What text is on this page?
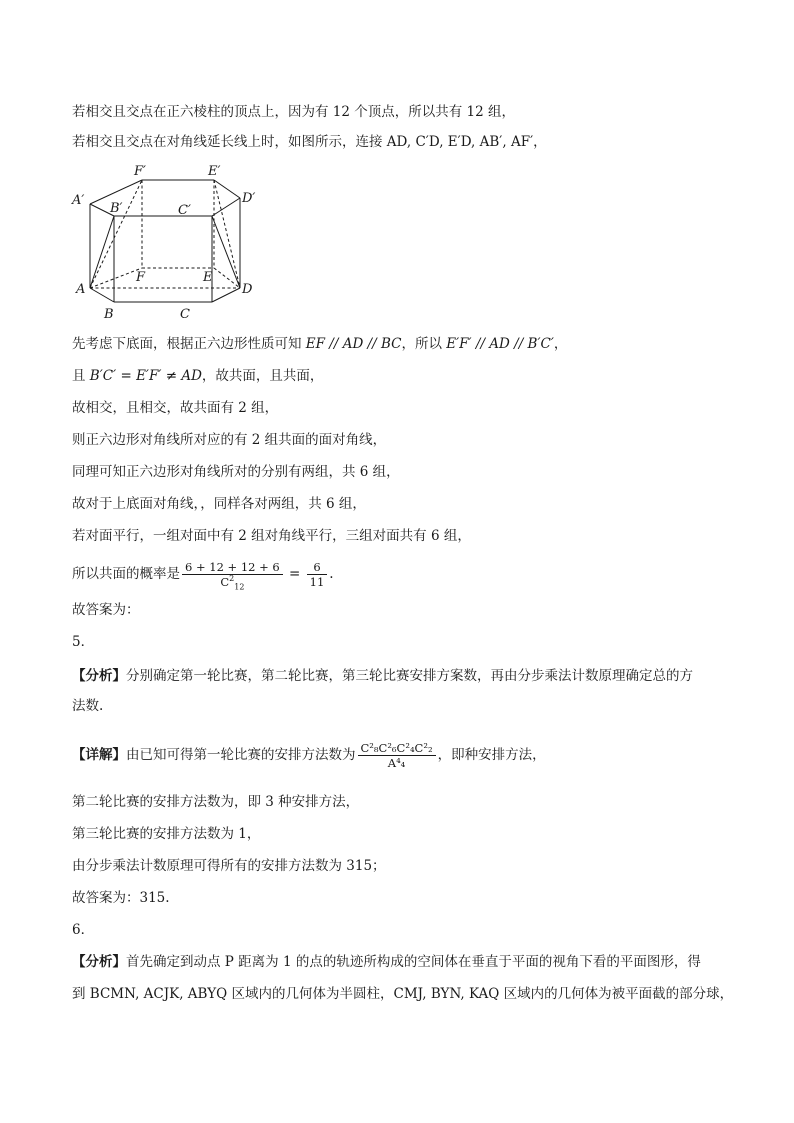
若相交且交点在正六棱柱的顶点上，因为有 12 个顶点，所以共有 12 组，
若相交且交点在对角线延长线上时，如图所示，连接 AD, C′D, E′D, AB′, AF′，
F′	E′
A′
B′	C′
D′
A
B	C
D
E
F
先考虑下底面，根据正六边形性质可知 EF // AD // BC，所以 E′F′ // AD // B′C′，
且 B′C′ = E′F′ ≠ AD，故共面，且共面，
故相交，且相交，故共面有 2 组，
则正六边形对角线所对应的有 2 组共面的面对角线，
同理可知正六边形对角线所对的分别有两组，共 6 组，
故对于上底面对角线，，同样各对两组，共 6 组，
若对面平行，一组对面中有 2 组对角线平行，三组对面共有 6 组，
所以共面的概率是 $\frac{6 + 12 + 12 + 6}{C^2_{12}} = \frac{6}{11}$ .
故答案为：
5．
【分析】分别确定第一轮比赛，第二轮比赛，第三轮比赛安排方案数，再由分步乘法计数原理确定总的方
法数.
【详解】由已知可得第一轮比赛的安排方法数为 $\frac{\text{C²₈C²₆C²₄C²₂}}{\text{A⁴₄}}$ ，即种安排方法，
第二轮比赛的安排方法数为，即 3 种安排方法，
第三轮比赛的安排方法数为 1，
由分步乘法计数原理可得所有的安排方法数为 315；
故答案为：315.
6．
【分析】首先确定到动点 P 距离为 1 的点的轨迹所构成的空间体在垂直于平面的视角下看的平面图形，得
到 BCMN, ACJK, ABYQ 区域内的几何体为半圆柱，CMJ, BYN, KAQ 区域内的几何体为被平面截的部分球，
